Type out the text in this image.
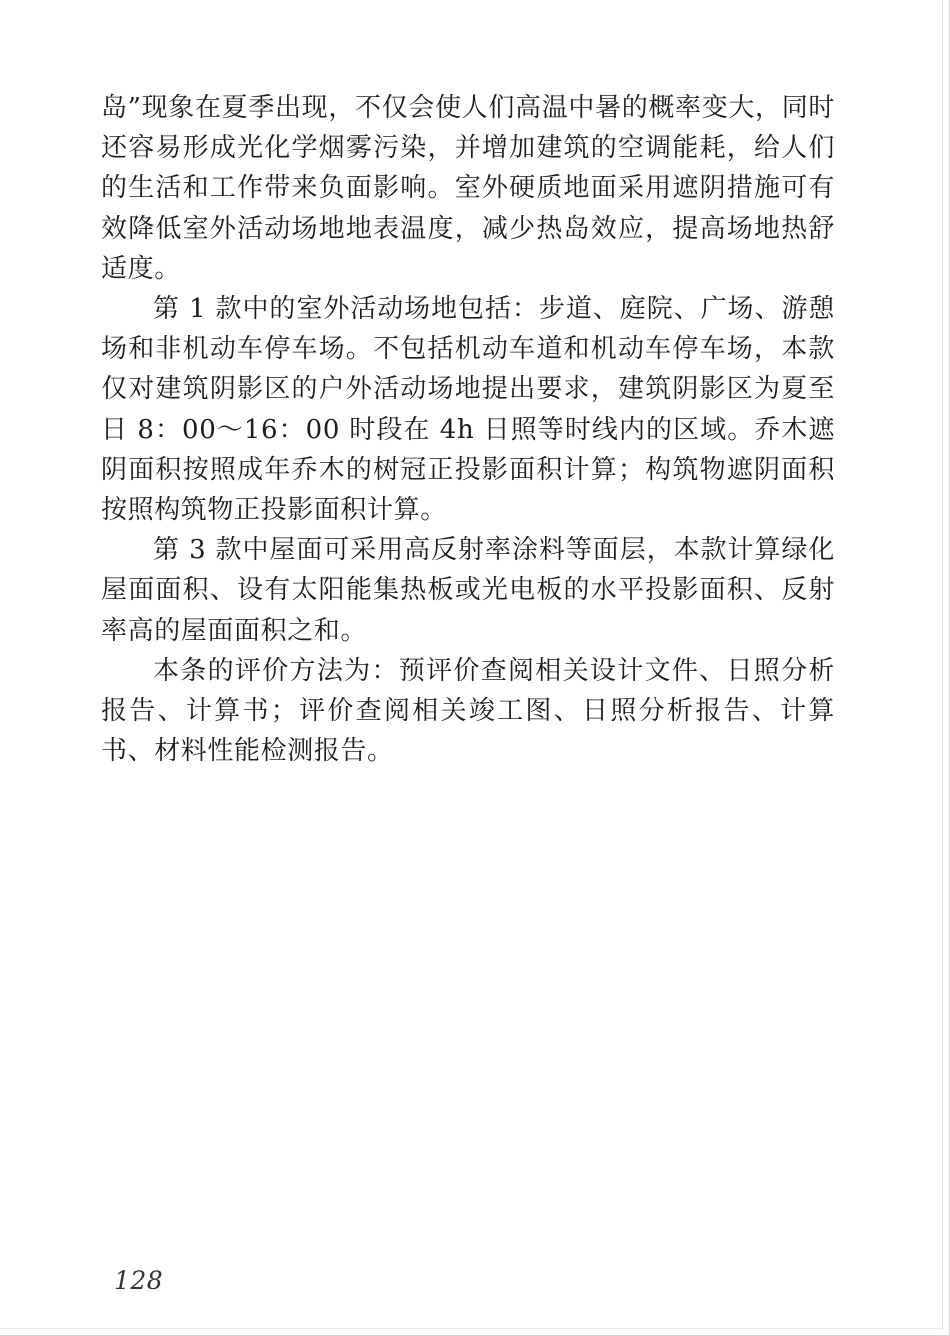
岛”现象在夏季出现，不仅会使人们高温中暑的概率变大，同时还容易形成光化学烟雾污染，并增加建筑的空调能耗，给人们的生活和工作带来负面影响。室外硬质地面采用遮阴措施可有效降低室外活动场地地表温度，减少热岛效应，提高场地热舒适度。

第 1 款中的室外活动场地包括：步道、庭院、广场、游憩场和非机动车停车场。不包括机动车道和机动车停车场，本款仅对建筑阴影区的户外活动场地提出要求，建筑阴影区为夏至日 8：00～16：00 时段在 4h 日照等时线内的区域。乔木遮阴面积按照成年乔木的树冠正投影面积计算；构筑物遮阴面积按照构筑物正投影面积计算。

第 3 款中屋面可采用高反射率涂料等面层，本款计算绿化屋面面积、设有太阳能集热板或光电板的水平投影面积、反射率高的屋面面积之和。

本条的评价方法为：预评价查阅相关设计文件、日照分析报告、计算书；评价查阅相关竣工图、日照分析报告、计算书、材料性能检测报告。

128
